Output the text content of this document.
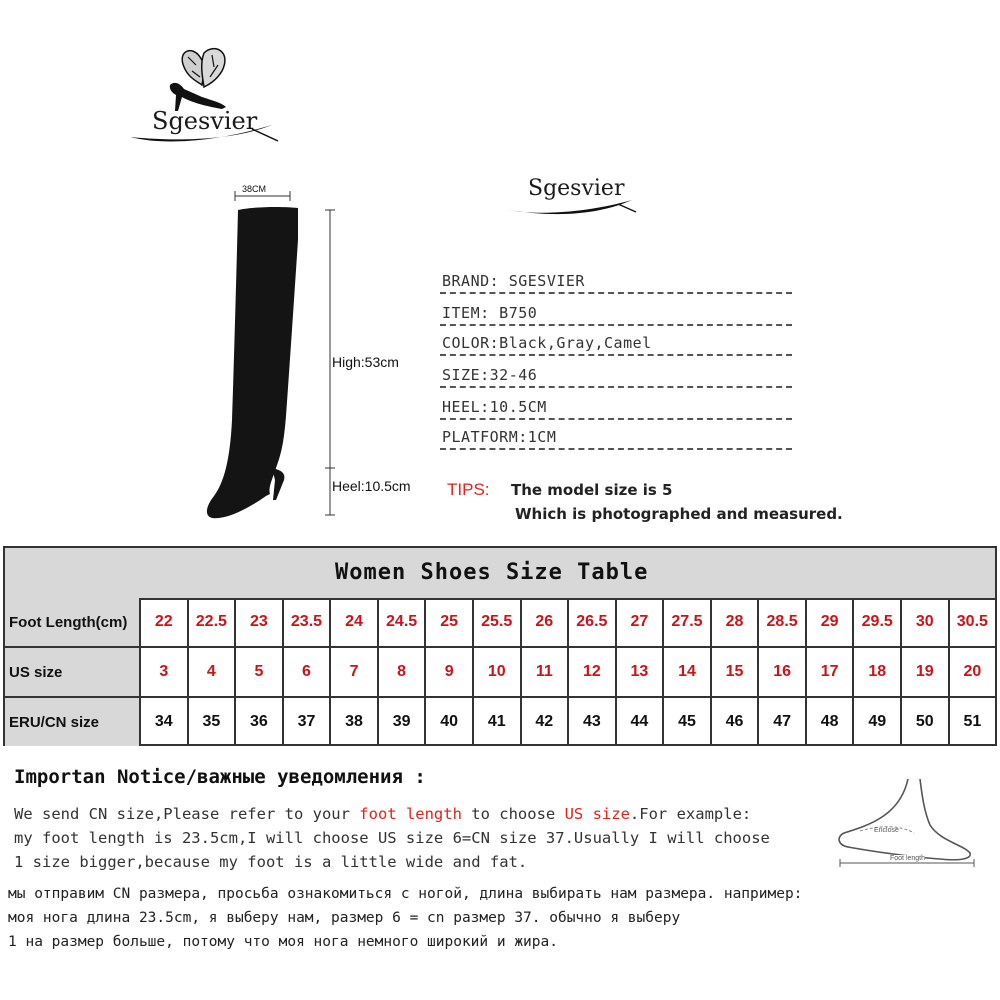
Sgesvier
Sgesvier
38CM
High:53cm
Heel:10.5cm
BRAND: SGESVIER
ITEM: B750
COLOR:Black,Gray,Camel
SIZE:32-46
HEEL:10.5CM
PLATFORM:1CM
TIPS: The model size is 5
Which is photographed and measured.
Women Shoes Size Table
Foot Length(cm)	22	22.5	23	23.5	24	24.5	25	25.5	26	26.5	27	27.5	28	28.5	29	29.5	30	30.5
US size	3	4	5	6	7	8	9	10	11	12	13	14	15	16	17	18	19	20
ERU/CN size	34	35	36	37	38	39	40	41	42	43	44	45	46	47	48	49	50	51
Importan Notice/важные уведомления :
We send CN size,Please refer to your foot length to choose US size.For example:
my foot length is 23.5cm,I will choose US size 6=CN size 37.Usually I will choose
1 size bigger,because my foot is a little wide and fat.
мы отправим CN размера, просьба ознакомиться с ногой, длина выбирать нам размера. например:
моя нога длина 23.5cm, я выберу нам, размер 6 = cn размер 37. обычно я выберу
1 на размер больше, потому что моя нога немного широкий и жира.
Enclose
Foot length
